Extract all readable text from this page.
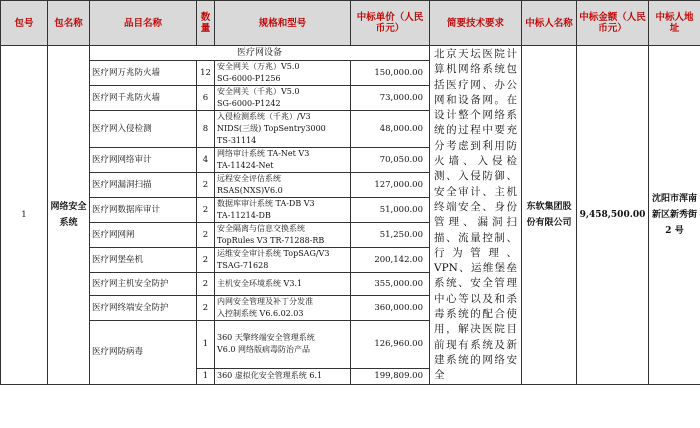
包号	包名称	品目名称	数量	规格和型号	中标单价（人民币元）	简要技术要求	中标人名称	中标金额（人民币元）	中标人地址
1	网络安全系统	医疗网设备				北京天坛医院计算机网络系统包括医疗网、办公网和设备网。在设计整个网络系统的过程中要充分考虑到利用防火墙、入侵检测、入侵防御、安全审计、主机终端安全、身份管理、漏洞扫描、流量控制、行为管理、VPN、运维堡垒系统、安全管理中心等以及和杀毒系统的配合使用，解决医院目前现有系统及新建系统的网络安全	东软集团股份有限公司	9,458,500.00	沈阳市浑南新区新秀街 2 号
		医疗网万兆防火墙	12	安全网关（万兆）V5.0
SG-6000-P1256	150,000.00				
		医疗网千兆防火墙	6	安全网关（千兆）V5.0
SG-6000-P1242	73,000.00				
		医疗网入侵检测	8	入侵检测系统（千兆）/V3
NIDS(三级) TopSentry3000
TS-31114	48,000.00				
		医疗网网络审计	4	网络审计系统 TA-Net V3
TA-11424-Net	70,050.00				
		医疗网漏洞扫描	2	远程安全评估系统
RSAS(NXS)V6.0	127,000.00				
		医疗网数据库审计	2	数据库审计系统 TA-DB V3
TA-11214-DB	51,000.00				
		医疗网网闸	2	安全隔离与信息交换系统
TopRules V3 TR-71288-RB	51,250.00				
		医疗网堡垒机	2	运维安全审计系统 TopSAG/V3
TSAG-71628	200,142.00				
		医疗网主机安全防护	2	主机安全环境系统 V3.1	355,000.00				
		医疗网终端安全防护	2	内网安全管理及补丁分发准
入控制系统 V6.6.02.03	360,000.00				
		医疗网防病毒	1	360 天擎终端安全管理系统
V6.0 网络版病毒防治产品	126,960.00				
			1	360 虚拟化安全管理系统 6.1	199,809.00				
